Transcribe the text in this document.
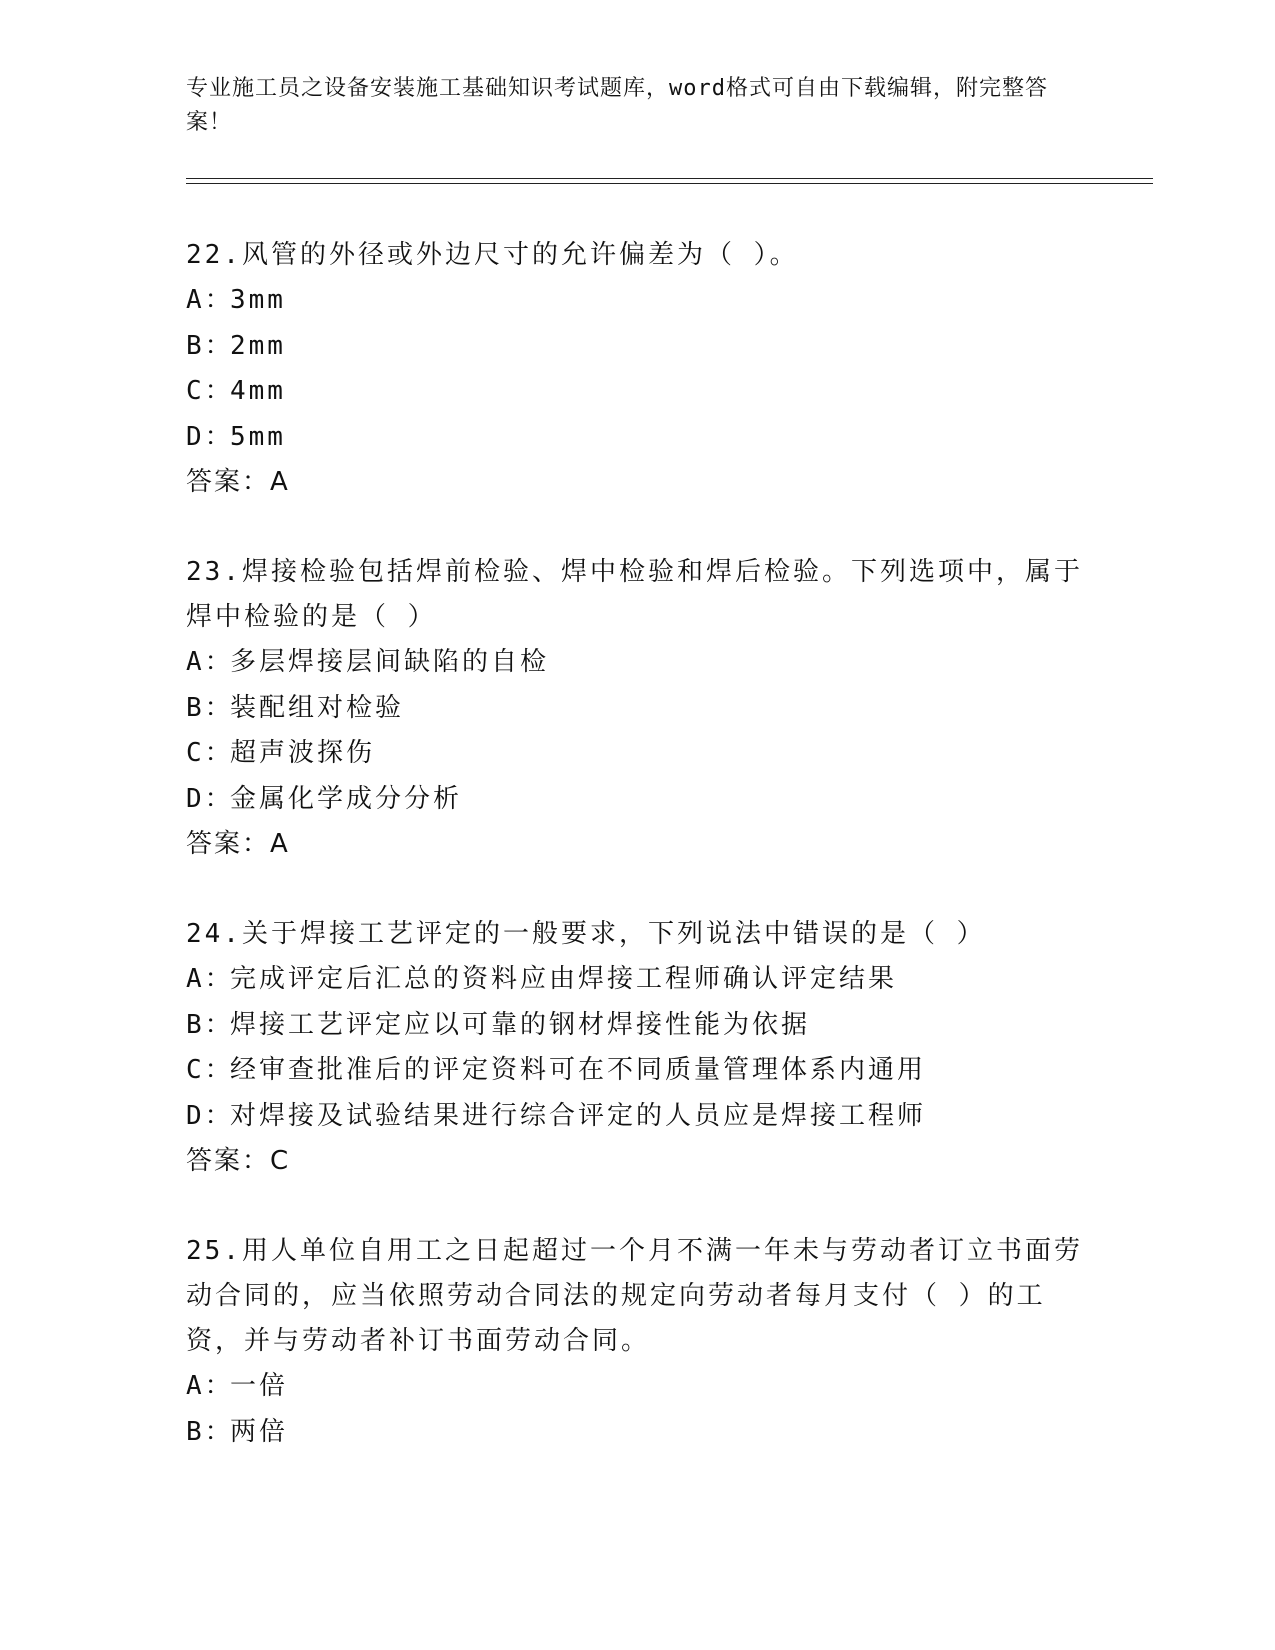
专业施工员之设备安装施工基础知识考试题库，word格式可自由下载编辑，附完整答案！

22.风管的外径或外边尺寸的允许偏差为（ ）。

A：3mm

B：2mm

C：4mm

D：5mm

答案：A

23.焊接检验包括焊前检验、焊中检验和焊后检验。下列选项中，属于焊中检验的是（ ）

A：多层焊接层间缺陷的自检

B：装配组对检验

C：超声波探伤

D：金属化学成分分析

答案：A

24.关于焊接工艺评定的一般要求，下列说法中错误的是（ ）

A：完成评定后汇总的资料应由焊接工程师确认评定结果

B：焊接工艺评定应以可靠的钢材焊接性能为依据

C：经审查批准后的评定资料可在不同质量管理体系内通用

D：对焊接及试验结果进行综合评定的人员应是焊接工程师

答案：C

25.用人单位自用工之日起超过一个月不满一年未与劳动者订立书面劳动合同的，应当依照劳动合同法的规定向劳动者每月支付（ ）的工资，并与劳动者补订书面劳动合同。

A：一倍

B：两倍
